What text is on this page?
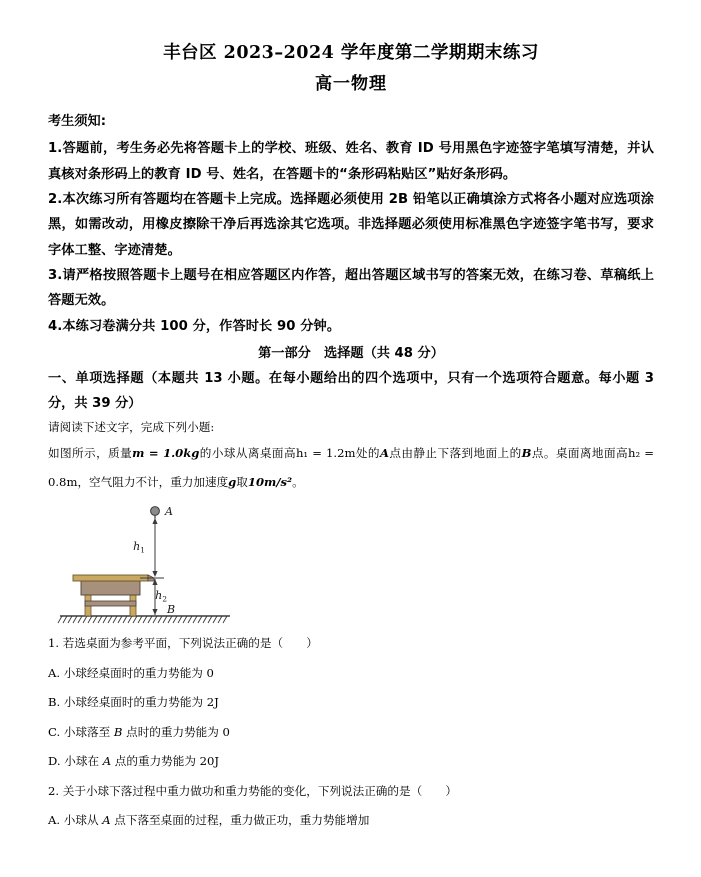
丰台区 2023–2024 学年度第二学期期末练习
高一物理
考生须知:

1.答题前，考生务必先将答题卡上的学校、班级、姓名、教育 ID 号用黑色字迹签字笔填写清楚，并认真核对条形码上的教育 ID 号、姓名，在答题卡的“条形码粘贴区”贴好条形码。

2.本次练习所有答题均在答题卡上完成。选择题必须使用 2B 铅笔以正确填涂方式将各小题对应选项涂黑，如需改动，用橡皮擦除干净后再选涂其它选项。非选择题必须使用标准黑色字迹签字笔书写，要求字体工整、字迹清楚。

3.请严格按照答题卡上题号在相应答题区内作答，超出答题区域书写的答案无效，在练习卷、草稿纸上答题无效。

4.本练习卷满分共 100 分，作答时长 90 分钟。

第一部分　选择题（共 48 分）

一、单项选择题（本题共 13 小题。在每小题给出的四个选项中，只有一个选项符合题意。每小题 3 分，共 39 分）

请阅读下述文字，完成下列小题:

如图所示，质量m = 1.0kg的小球从离桌面高h₁ = 1.2m处的A点由静止下落到地面上的B点。桌面离地面高h₂ = 0.8m，空气阻力不计，重力加速度g取10m/s²。

A
B
$h_1$
$h_2$

1. 若选桌面为参考平面，下列说法正确的是（　　）

A. 小球经桌面时的重力势能为 0

B. 小球经桌面时的重力势能为 2J

C. 小球落至 B 点时的重力势能为 0

D. 小球在 A 点的重力势能为 20J

2. 关于小球下落过程中重力做功和重力势能的变化，下列说法正确的是（　　）

A. 小球从 A 点下落至桌面的过程，重力做正功，重力势能增加
